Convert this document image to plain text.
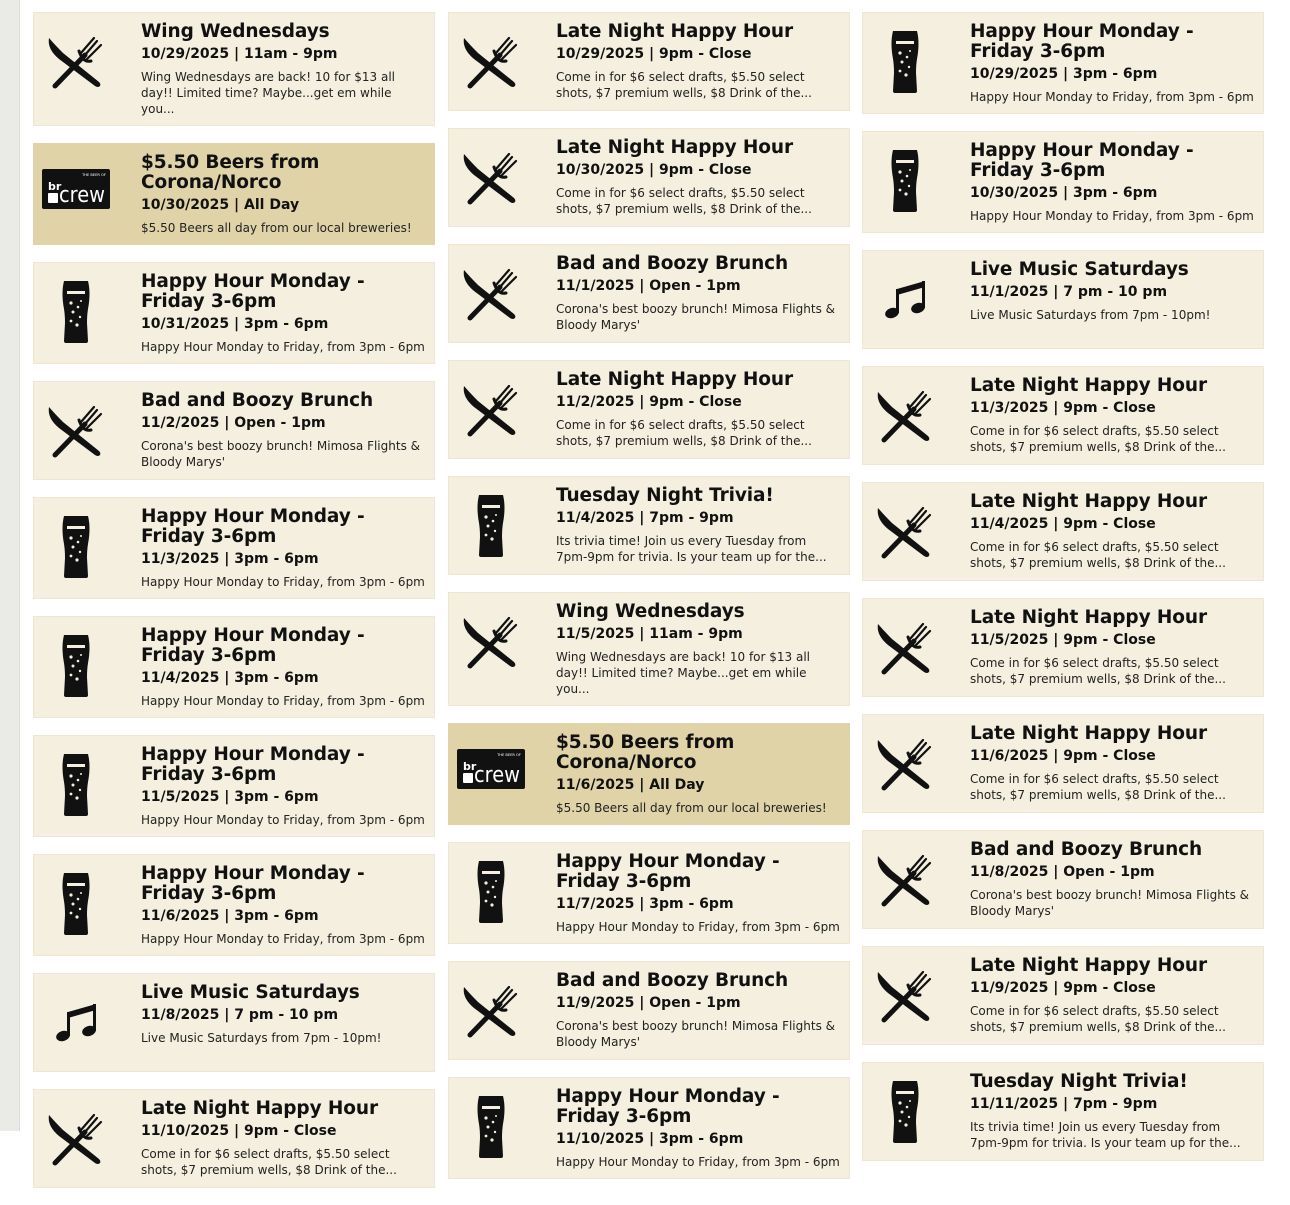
Wing Wednesdays
10/29/2025 | 11am - 9pm
Wing Wednesdays are back! 10 for $13 all day!! Limited time? Maybe...get em while you...
THE BEER OF
br
crew
$5.50 Beers from Corona/Norco
10/30/2025 | All Day
$5.50 Beers all day from our local breweries!
Happy Hour Monday - Friday 3-6pm
10/31/2025 | 3pm - 6pm
Happy Hour Monday to Friday, from 3pm - 6pm
Bad and Boozy Brunch
11/2/2025 | Open - 1pm
Corona's best boozy brunch! Mimosa Flights & Bloody Marys'
Happy Hour Monday - Friday 3-6pm
11/3/2025 | 3pm - 6pm
Happy Hour Monday to Friday, from 3pm - 6pm
Happy Hour Monday - Friday 3-6pm
11/4/2025 | 3pm - 6pm
Happy Hour Monday to Friday, from 3pm - 6pm
Happy Hour Monday - Friday 3-6pm
11/5/2025 | 3pm - 6pm
Happy Hour Monday to Friday, from 3pm - 6pm
Happy Hour Monday - Friday 3-6pm
11/6/2025 | 3pm - 6pm
Happy Hour Monday to Friday, from 3pm - 6pm
Live Music Saturdays
11/8/2025 | 7 pm - 10 pm
Live Music Saturdays from 7pm - 10pm!
Late Night Happy Hour
11/10/2025 | 9pm - Close
Come in for $6 select drafts, $5.50 select shots, $7 premium wells, $8 Drink of the...
Late Night Happy Hour
10/29/2025 | 9pm - Close
Come in for $6 select drafts, $5.50 select shots, $7 premium wells, $8 Drink of the...
Late Night Happy Hour
10/30/2025 | 9pm - Close
Come in for $6 select drafts, $5.50 select shots, $7 premium wells, $8 Drink of the...
Bad and Boozy Brunch
11/1/2025 | Open - 1pm
Corona's best boozy brunch! Mimosa Flights & Bloody Marys'
Late Night Happy Hour
11/2/2025 | 9pm - Close
Come in for $6 select drafts, $5.50 select shots, $7 premium wells, $8 Drink of the...
Tuesday Night Trivia!
11/4/2025 | 7pm - 9pm
Its trivia time! Join us every Tuesday from 7pm-9pm for trivia. Is your team up for the...
Wing Wednesdays
11/5/2025 | 11am - 9pm
Wing Wednesdays are back! 10 for $13 all day!! Limited time? Maybe...get em while you...
THE BEER OF
br
crew
$5.50 Beers from Corona/Norco
11/6/2025 | All Day
$5.50 Beers all day from our local breweries!
Happy Hour Monday - Friday 3-6pm
11/7/2025 | 3pm - 6pm
Happy Hour Monday to Friday, from 3pm - 6pm
Bad and Boozy Brunch
11/9/2025 | Open - 1pm
Corona's best boozy brunch! Mimosa Flights & Bloody Marys'
Happy Hour Monday - Friday 3-6pm
11/10/2025 | 3pm - 6pm
Happy Hour Monday to Friday, from 3pm - 6pm
Happy Hour Monday - Friday 3-6pm
10/29/2025 | 3pm - 6pm
Happy Hour Monday to Friday, from 3pm - 6pm
Happy Hour Monday - Friday 3-6pm
10/30/2025 | 3pm - 6pm
Happy Hour Monday to Friday, from 3pm - 6pm
Live Music Saturdays
11/1/2025 | 7 pm - 10 pm
Live Music Saturdays from 7pm - 10pm!
Late Night Happy Hour
11/3/2025 | 9pm - Close
Come in for $6 select drafts, $5.50 select shots, $7 premium wells, $8 Drink of the...
Late Night Happy Hour
11/4/2025 | 9pm - Close
Come in for $6 select drafts, $5.50 select shots, $7 premium wells, $8 Drink of the...
Late Night Happy Hour
11/5/2025 | 9pm - Close
Come in for $6 select drafts, $5.50 select shots, $7 premium wells, $8 Drink of the...
Late Night Happy Hour
11/6/2025 | 9pm - Close
Come in for $6 select drafts, $5.50 select shots, $7 premium wells, $8 Drink of the...
Bad and Boozy Brunch
11/8/2025 | Open - 1pm
Corona's best boozy brunch! Mimosa Flights & Bloody Marys'
Late Night Happy Hour
11/9/2025 | 9pm - Close
Come in for $6 select drafts, $5.50 select shots, $7 premium wells, $8 Drink of the...
Tuesday Night Trivia!
11/11/2025 | 7pm - 9pm
Its trivia time! Join us every Tuesday from 7pm-9pm for trivia. Is your team up for the...
